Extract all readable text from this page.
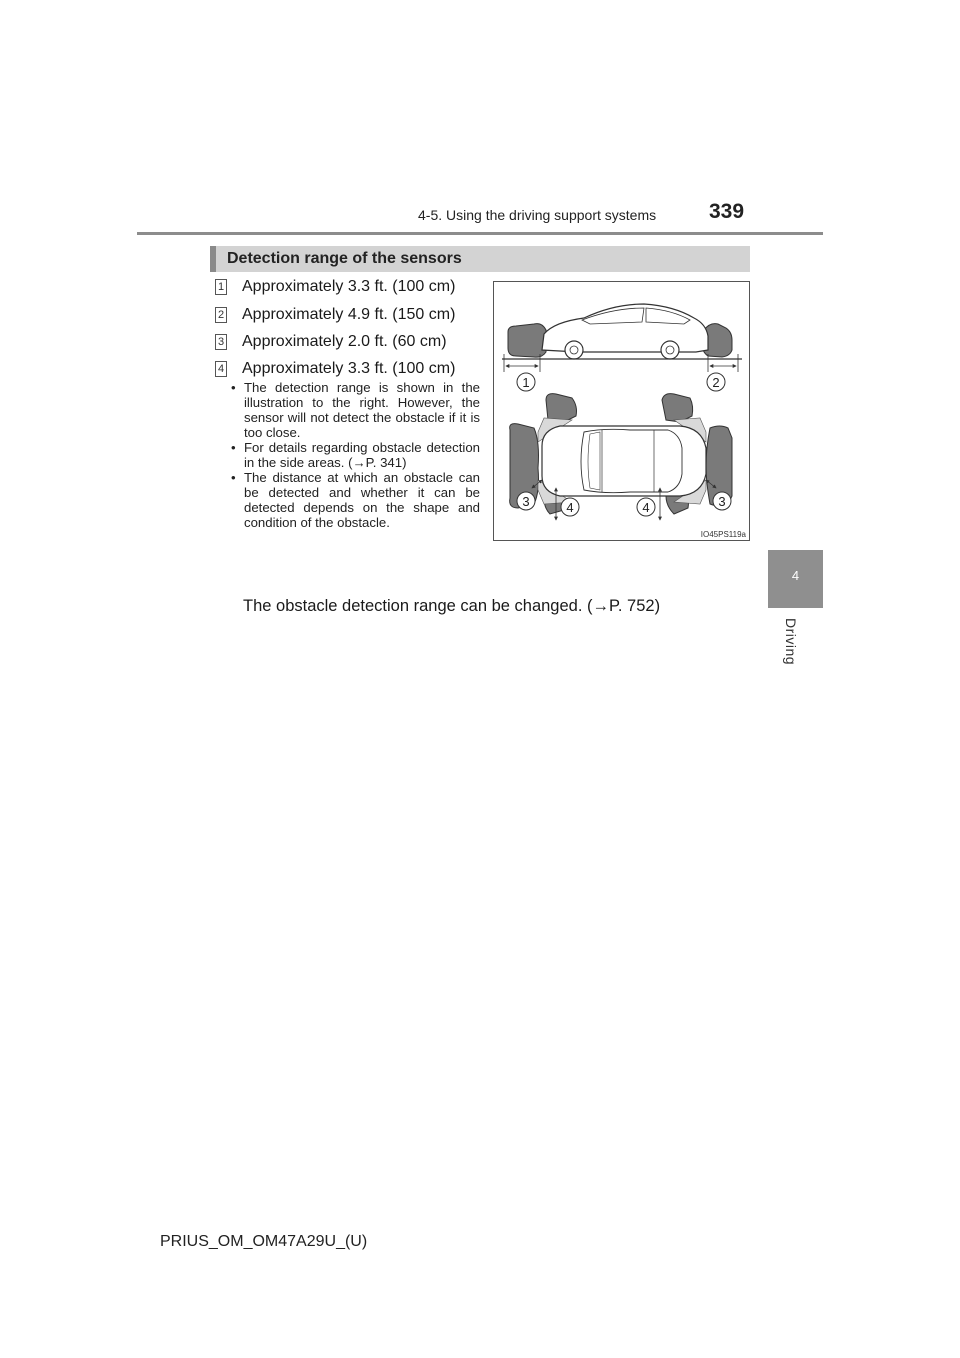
4-5. Using the driving support systems	339
4
Driving
Detection range of the sensors
1 Approximately 3.3 ft. (100 cm)
2 Approximately 4.9 ft. (150 cm)
3 Approximately 2.0 ft. (60 cm)
4 Approximately 3.3 ft. (100 cm)
• The detection range is shown in the illustration to the right. However, the sensor will not detect the obstacle if it is too close.
• For details regarding obstacle detection in the side areas. (→P. 341)
• The distance at which an obstacle can be detected and whether it can be detected depends on the shape and condition of the obstacle.
The obstacle detection range can be changed. (→P. 752)
1	2
3	4	4	3
IO45PS119a
PRIUS_OM_OM47A29U_(U)
